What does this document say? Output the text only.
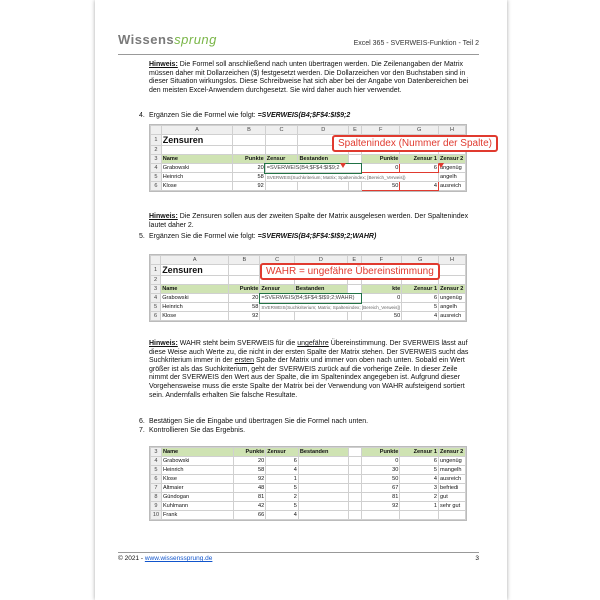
Wissenssprung	Excel 365 - SVERWEIS-Funktion - Teil 2
Hinweis: Die Formel soll anschließend nach unten übertragen werden. Die Zeilenangaben der Matrix müssen daher mit Dollarzeichen ($) festgesetzt werden. Die Dollarzeichen vor den Buchstaben sind in dieser Situation wirkungslos. Diese Schreibweise hat sich aber bei der Angabe von Datenbereichen bei den meisten Excel-Anwendern durchgesetzt. Sie wird daher auch hier verwendet.
4. Ergänzen Sie die Formel wie folgt: =SVERWEIS(B4;$F$4:$I$9;2
	A	B	C	D	E	F	G	H
1	Zensuren							
2								
3	Name	Punkte	Zensur	Bestanden		Punkte	Zensur 1	Zensur 2
4	Grabowski	20	=SVERWEIS(B4;$F$4:$I$9;2			0	6	ungenüg
5	Heinrich	58	SVERWEIS(Suchkriterium; Matrix; Spaltenindex; [Bereich_Verweis])					angelh
6	Klose	92				50	4	ausreich
Spaltenindex (Nummer der Spalte)
Hinweis: Die Zensuren sollen aus der zweiten Spalte der Matrix ausgelesen werden. Der Spaltenindex lautet daher 2.
5. Ergänzen Sie die Formel wie folgt: =SVERWEIS(B4;$F$4:$I$9;2;WAHR)
	A	B	C	D	E	F	G	H
1	Zensuren							
2								
3	Name	Punkte	Zensur	Bestanden		kte	Zensur 1	Zensur 2
4	Grabowski	20	=SVERWEIS(B4;$F$4:$I$9;2;WAHR)			0	6	ungenüg
5	Heinrich	58	SVERWEIS(Suchkriterium; Matrix; Spaltenindex; [Bereich_Verweis])				5	angelh
6	Klose	92				50	4	ausreich
WAHR = ungefähre Übereinstimmung
Hinweis: WAHR steht beim SVERWEIS für die ungefähre Übereinstimmung. Der SVERWEIS lässt auf diese Weise auch Werte zu, die nicht in der ersten Spalte der Matrix stehen. Der SVERWEIS sucht das Suchkriterium immer in der ersten Spalte der Matrix und immer von oben nach unten. Sobald ein Wert größer ist als das Suchkriterium, geht der SVERWEIS zurück auf die vorherige Zeile. In dieser Zeile nimmt der SVERWEIS den Wert aus der Spalte, die im Spaltenindex angegeben ist. Aufgrund dieser Vorgehensweise muss die erste Spalte der Matrix bei der Verwendung von WAHR aufsteigend sortiert sein. Andernfalls erhalten Sie falsche Resultate.
6. Bestätigen Sie die Eingabe und übertragen Sie die Formel nach unten.
7. Kontrollieren Sie das Ergebnis.
3	Name	Punkte	Zensur	Bestanden		Punkte	Zensur 1	Zensur 2
4	Grabowski	20	6			0	6	ungenüg
5	Heinrich	58	4			30	5	mangelh
6	Klose	92	1			50	4	ausreich
7	Altmaier	48	5			67	3	befriedi
8	Gündogan	81	2			81	2	gut
9	Kuhlmann	42	5			92	1	sehr gut
10	Frank	66	4					
© 2021 - www.wissenssprung.de	3
